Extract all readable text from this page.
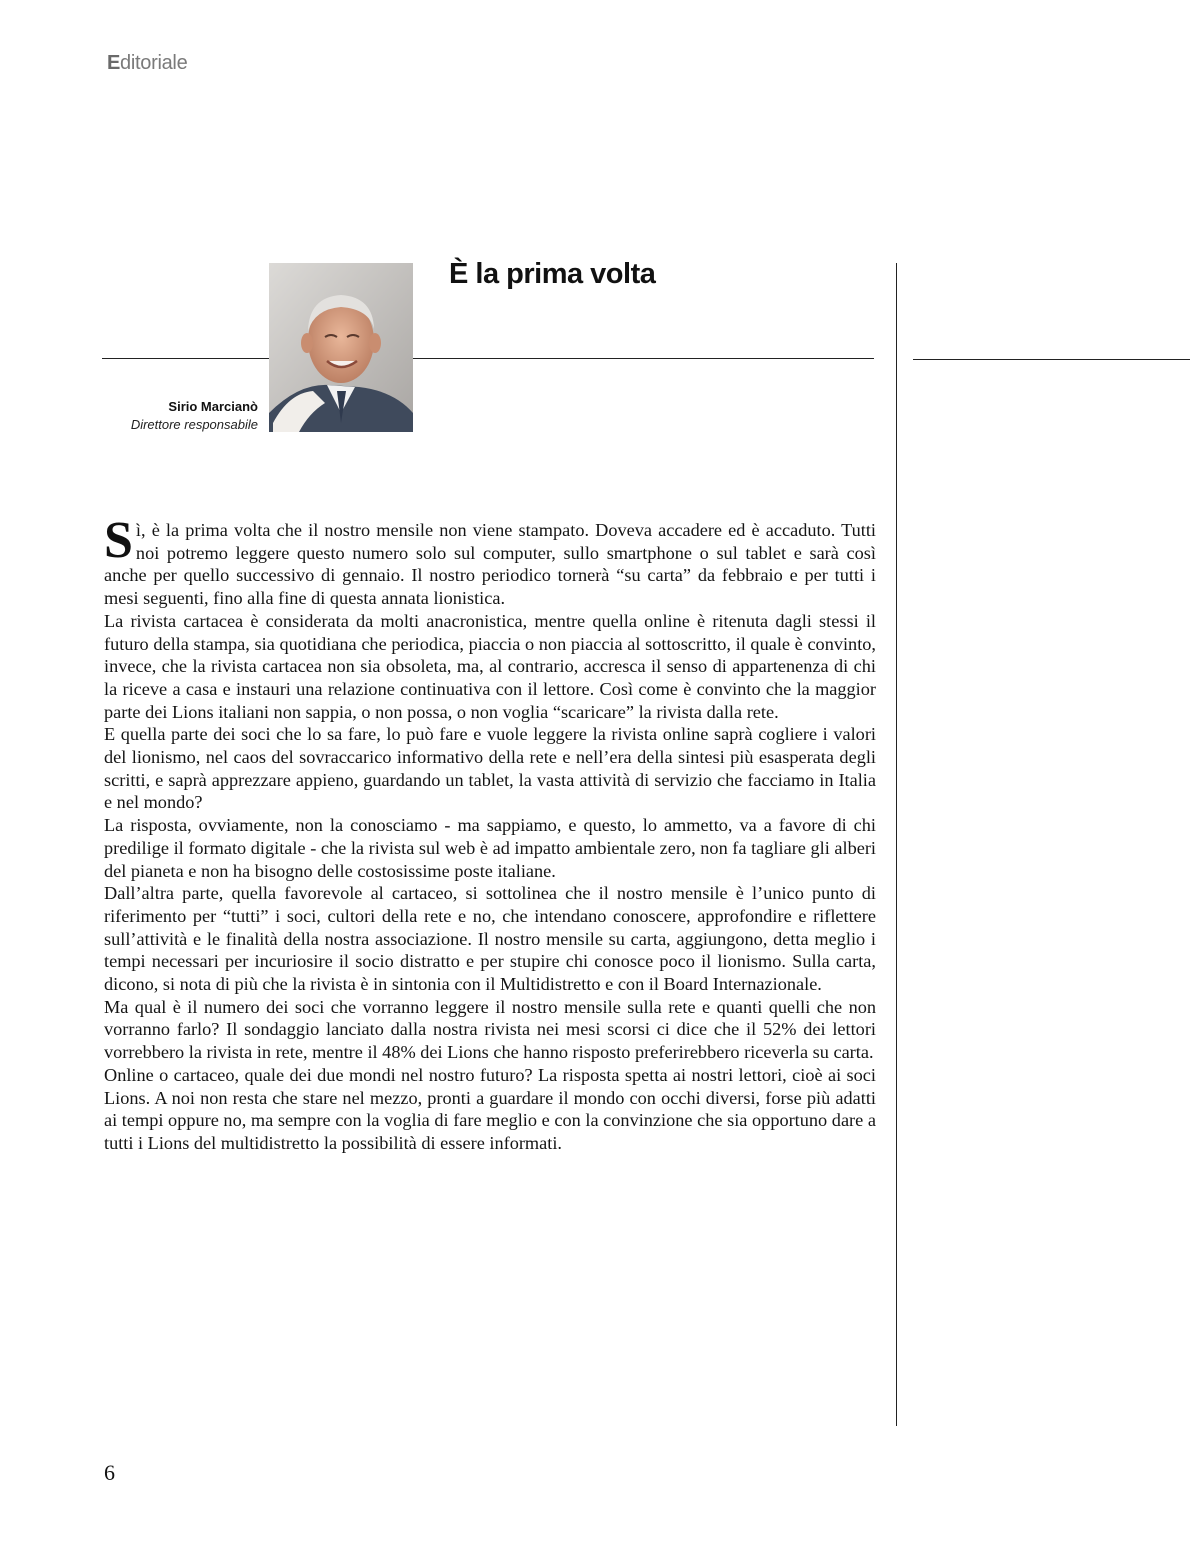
Editoriale
È la prima volta
Sirio Marcianò
Direttore responsabile

Sì, è la prima volta che il nostro mensile non viene stampato. Doveva accadere ed è accaduto. Tutti noi potremo leggere questo numero solo sul computer, sullo smartphone o sul tablet e sarà così anche per quello successivo di gennaio. Il nostro periodico tornerà “su carta” da febbraio e per tutti i mesi seguenti, fino alla fine di questa annata lionistica.

La rivista cartacea è considerata da molti anacronistica, mentre quella online è ritenuta dagli stessi il futuro della stampa, sia quotidiana che periodica, piaccia o non piaccia al sottoscritto, il quale è convinto, invece, che la rivista cartacea non sia obsoleta, ma, al contrario, accresca il senso di appartenenza di chi la riceve a casa e instauri una relazione continuativa con il lettore. Così come è convinto che la maggior parte dei Lions italiani non sappia, o non possa, o non voglia “scaricare” la rivista dalla rete.

E quella parte dei soci che lo sa fare, lo può fare e vuole leggere la rivista online saprà cogliere i valori del lionismo, nel caos del sovraccarico informativo della rete e nell’era della sintesi più esasperata degli scritti, e saprà apprezzare appieno, guardando un tablet, la vasta attività di servizio che facciamo in Italia e nel mondo?

La risposta, ovviamente, non la conosciamo - ma sappiamo, e questo, lo ammetto, va a favore di chi predilige il formato digitale - che la rivista sul web è ad impatto ambientale zero, non fa tagliare gli alberi del pianeta e non ha bisogno delle costosissime poste italiane.

Dall’altra parte, quella favorevole al cartaceo, si sottolinea che il nostro mensile è l’unico punto di riferimento per “tutti” i soci, cultori della rete e no, che intendano conoscere, approfondire e riflettere sull’attività e le finalità della nostra associazione. Il nostro mensile su carta, aggiungono, detta meglio i tempi necessari per incuriosire il socio distratto e per stupire chi conosce poco il lionismo. Sulla carta, dicono, si nota di più che la rivista è in sintonia con il Multidistretto e con il Board Internazionale.

Ma qual è il numero dei soci che vorranno leggere il nostro mensile sulla rete e quanti quelli che non vorranno farlo? Il sondaggio lanciato dalla nostra rivista nei mesi scorsi ci dice che il 52% dei lettori vorrebbero la rivista in rete, mentre il 48% dei Lions che hanno risposto preferirebbero riceverla su carta.

Online o cartaceo, quale dei due mondi nel nostro futuro? La risposta spetta ai nostri lettori, cioè ai soci Lions. A noi non resta che stare nel mezzo, pronti a guardare il mondo con occhi diversi, forse più adatti ai tempi oppure no, ma sempre con la voglia di fare meglio e con la convinzione che sia opportuno dare a tutti i Lions del multidistretto la possibilità di essere informati.

6
